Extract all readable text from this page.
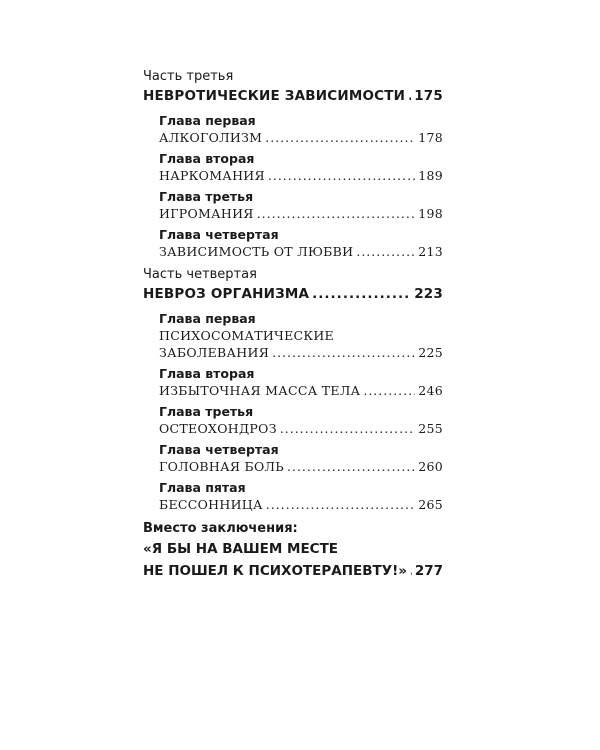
Часть третья
НЕВРОТИЧЕСКИЕ ЗАВИСИМОСТИ ..... 175
Глава первая
АЛКОГОЛИЗМ .....	178
Глава вторая
НАРКОМАНИЯ .....	189
Глава третья
ИГРОМАНИЯ .....	198
Глава четвертая
ЗАВИСИМОСТЬ ОТ ЛЮБВИ .....	213
Часть четвертая
НЕВРОЗ ОРГАНИЗМА .....	223
Глава первая
ПСИХОСОМАТИЧЕСКИЕ
ЗАБОЛЕВАНИЯ .....	225
Глава вторая
ИЗБЫТОЧНАЯ МАССА ТЕЛА .....	246
Глава третья
ОСТЕОХОНДРОЗ .....	255
Глава четвертая
ГОЛОВНАЯ БОЛЬ .....	260
Глава пятая
БЕССОННИЦА .....	265
Вместо заключения:
«Я БЫ НА ВАШЕМ МЕСТЕ
НЕ ПОШЕЛ К ПСИХОТЕРАПЕВТУ!» ..... 277
